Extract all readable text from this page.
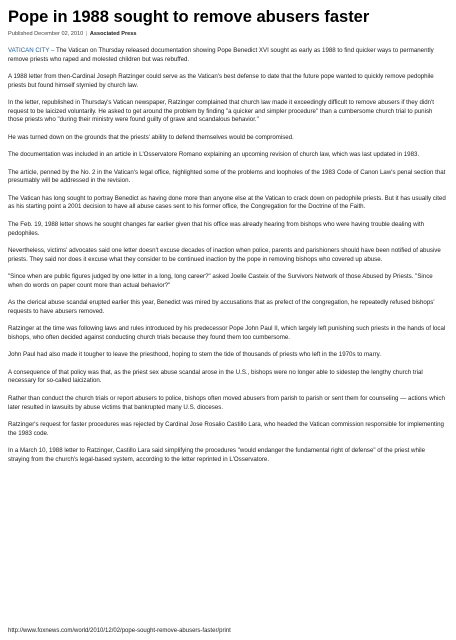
Pope in 1988 sought to remove abusers faster
Published December 02, 2010 | Associated Press

VATICAN CITY – The Vatican on Thursday released documentation showing Pope Benedict XVI sought as early as 1988 to find quicker ways to permanently remove priests who raped and molested children but was rebuffed.

A 1988 letter from then-Cardinal Joseph Ratzinger could serve as the Vatican's best defense to date that the future pope wanted to quickly remove pedophile priests but found himself stymied by church law.

In the letter, republished in Thursday's Vatican newspaper, Ratzinger complained that church law made it exceedingly difficult to remove abusers if they didn't request to be laicized voluntarily. He asked to get around the problem by finding "a quicker and simpler procedure" than a cumbersome church trial to punish those priests who "during their ministry were found guilty of grave and scandalous behavior."

He was turned down on the grounds that the priests' ability to defend themselves would be compromised.

The documentation was included in an article in L'Osservatore Romano explaining an upcoming revision of church law, which was last updated in 1983.

The article, penned by the No. 2 in the Vatican's legal office, highlighted some of the problems and loopholes of the 1983 Code of Canon Law's penal section that presumably will be addressed in the revision.

The Vatican has long sought to portray Benedict as having done more than anyone else at the Vatican to crack down on pedophile priests. But it has usually cited as his starting point a 2001 decision to have all abuse cases sent to his former office, the Congregation for the Doctrine of the Faith.

The Feb. 19, 1988 letter shows he sought changes far earlier given that his office was already hearing from bishops who were having trouble dealing with pedophiles.

Nevertheless, victims' advocates said one letter doesn't excuse decades of inaction when police, parents and parishioners should have been notified of abusive priests. They said nor does it excuse what they consider to be continued inaction by the pope in removing bishops who covered up abuse.

"Since when are public figures judged by one letter in a long, long career?" asked Joelle Casteix of the Survivors Network of those Abused by Priests. "Since when do words on paper count more than actual behavior?"

As the clerical abuse scandal erupted earlier this year, Benedict was mired by accusations that as prefect of the congregation, he repeatedly refused bishops' requests to have abusers removed.

Ratzinger at the time was following laws and rules introduced by his predecessor Pope John Paul II, which largely left punishing such priests in the hands of local bishops, who often decided against conducting church trials because they found them too cumbersome.

John Paul had also made it tougher to leave the priesthood, hoping to stem the tide of thousands of priests who left in the 1970s to marry.

A consequence of that policy was that, as the priest sex abuse scandal arose in the U.S., bishops were no longer able to sidestep the lengthy church trial necessary for so-called laicization.

Rather than conduct the church trials or report abusers to police, bishops often moved abusers from parish to parish or sent them for counseling — actions which later resulted in lawsuits by abuse victims that bankrupted many U.S. dioceses.

Ratzinger's request for faster procedures was rejected by Cardinal Jose Rosalio Castillo Lara, who headed the Vatican commission responsible for implementing the 1983 code.

In a March 10, 1988 letter to Ratzinger, Castillo Lara said simplifying the procedures "would endanger the fundamental right of defense" of the priest while straying from the church's legal-based system, according to the letter reprinted in L'Osservatore.

http://www.foxnews.com/world/2010/12/02/pope-sought-remove-abusers-faster/print
